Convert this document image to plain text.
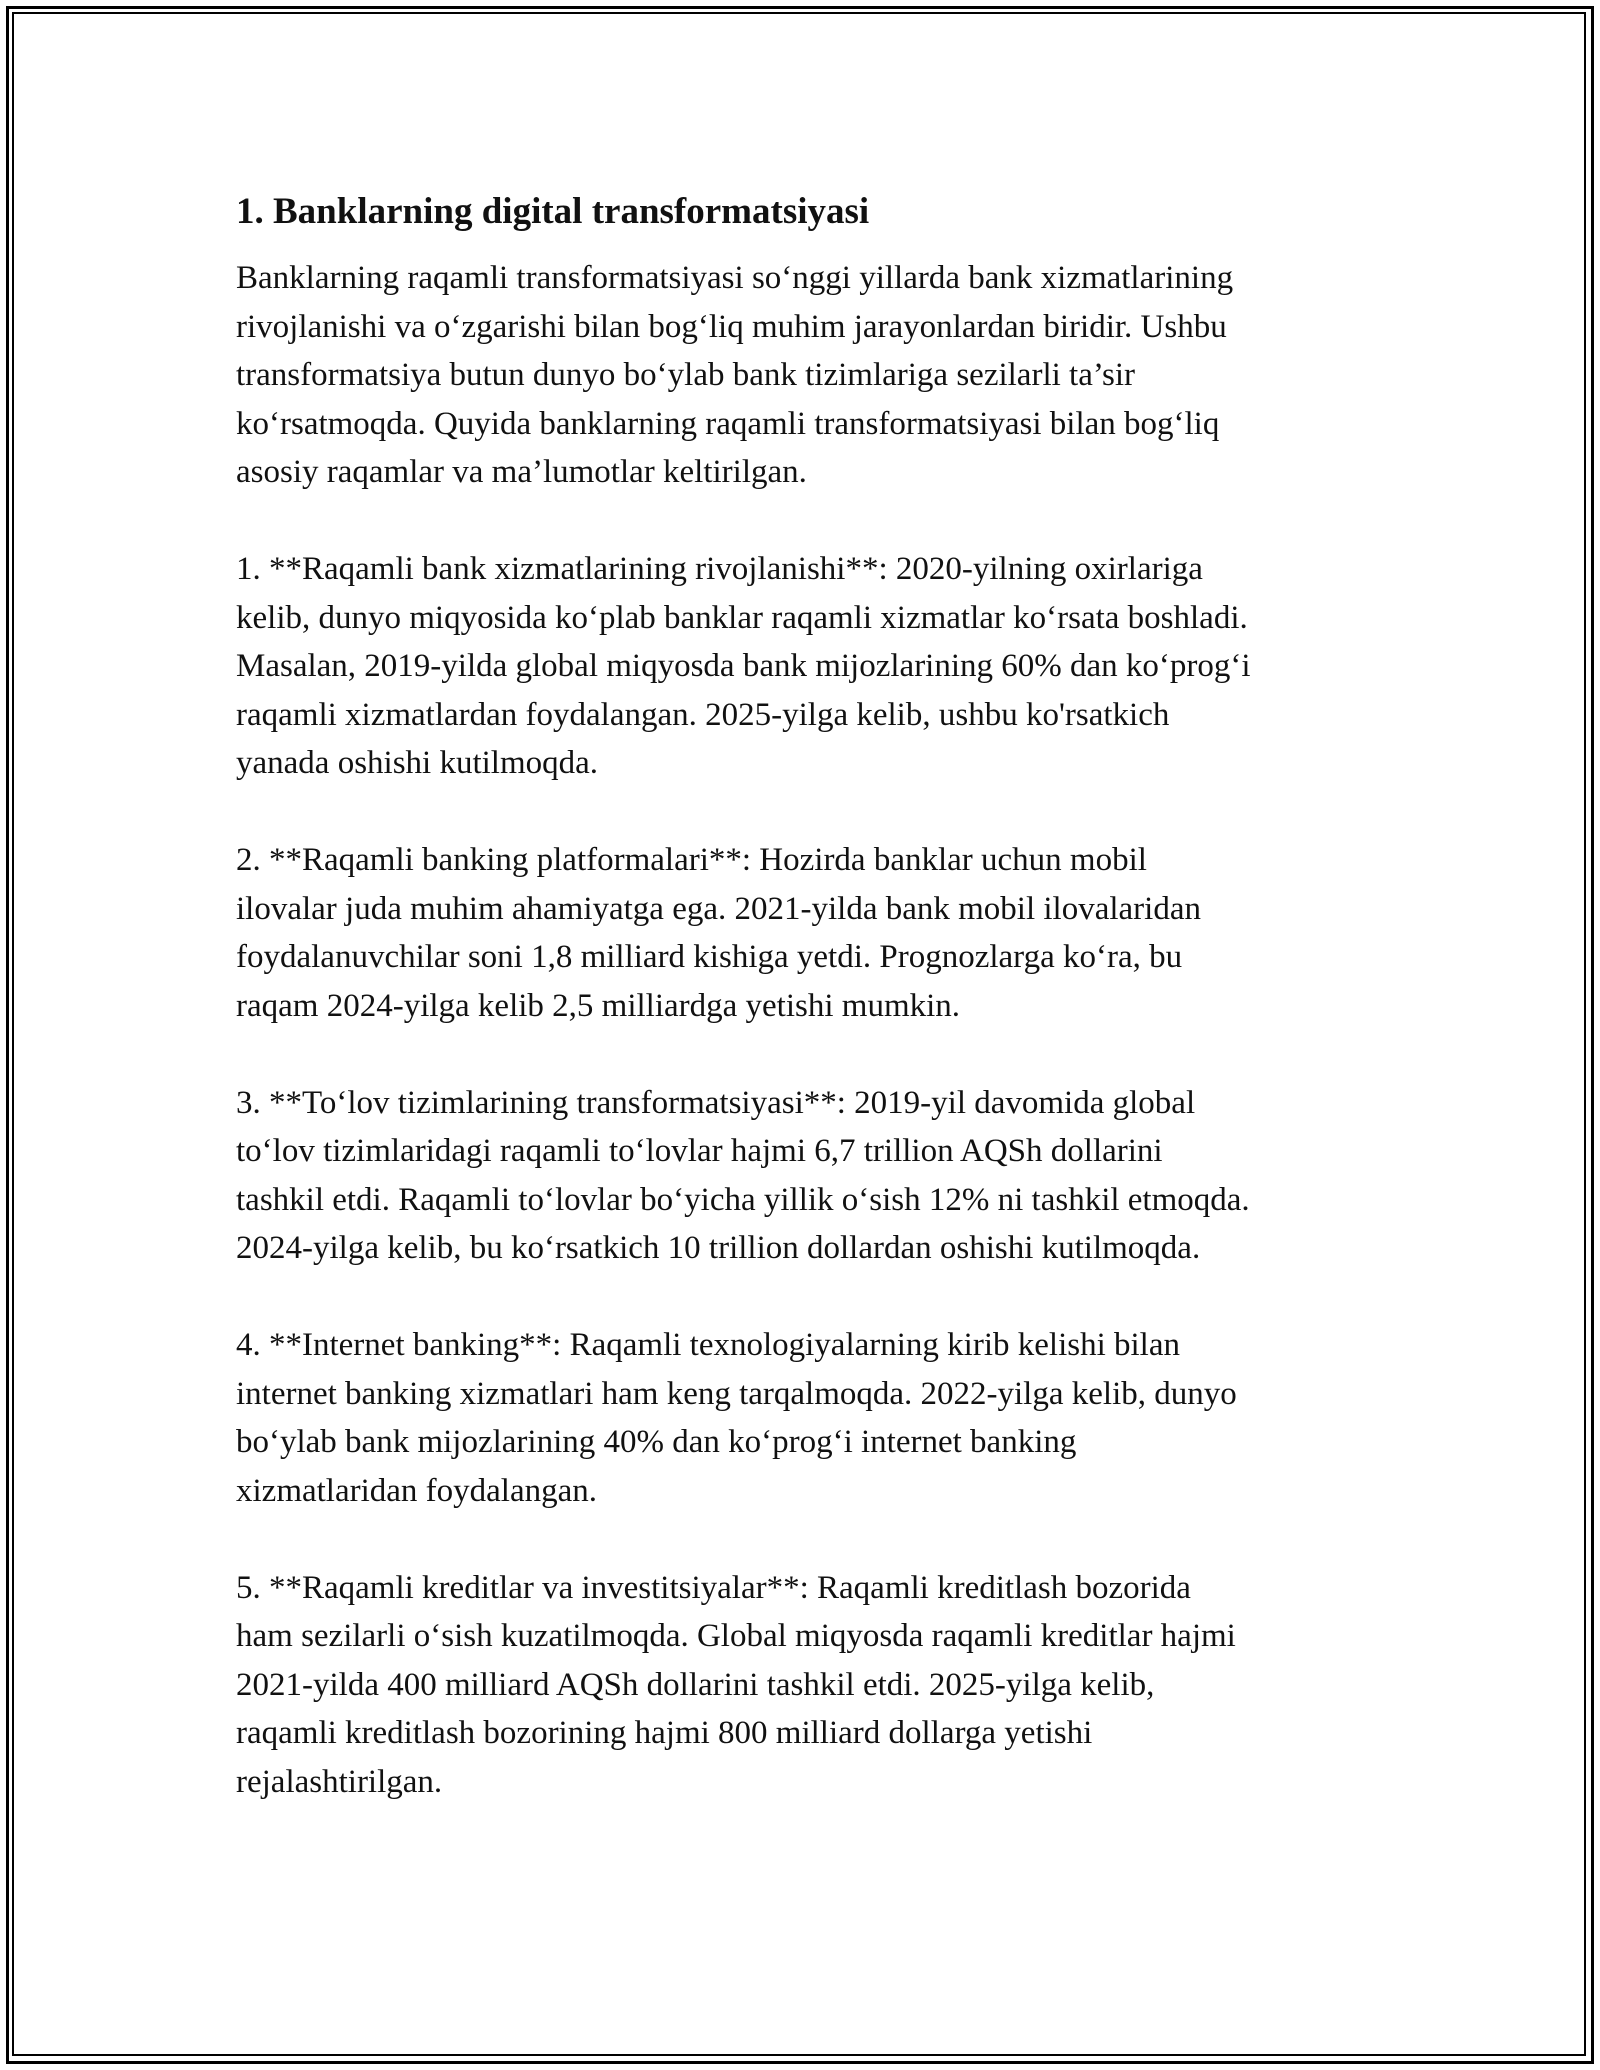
1. Banklarning digital transformatsiyasi

Banklarning raqamli transformatsiyasi so‘nggi yillarda bank xizmatlarining
rivojlanishi va o‘zgarishi bilan bog‘liq muhim jarayonlardan biridir. Ushbu
transformatsiya butun dunyo bo‘ylab bank tizimlariga sezilarli ta’sir
ko‘rsatmoqda. Quyida banklarning raqamli transformatsiyasi bilan bog‘liq
asosiy raqamlar va ma’lumotlar keltirilgan.

1. **Raqamli bank xizmatlarining rivojlanishi**: 2020-yilning oxirlariga
kelib, dunyo miqyosida ko‘plab banklar raqamli xizmatlar ko‘rsata boshladi.
Masalan, 2019-yilda global miqyosda bank mijozlarining 60% dan ko‘prog‘i
raqamli xizmatlardan foydalangan. 2025-yilga kelib, ushbu ko'rsatkich
yanada oshishi kutilmoqda.

2. **Raqamli banking platformalari**: Hozirda banklar uchun mobil
ilovalar juda muhim ahamiyatga ega. 2021-yilda bank mobil ilovalaridan
foydalanuvchilar soni 1,8 milliard kishiga yetdi. Prognozlarga ko‘ra, bu
raqam 2024-yilga kelib 2,5 milliardga yetishi mumkin.

3. **To‘lov tizimlarining transformatsiyasi**: 2019-yil davomida global
to‘lov tizimlaridagi raqamli to‘lovlar hajmi 6,7 trillion AQSh dollarini
tashkil etdi. Raqamli to‘lovlar bo‘yicha yillik o‘sish 12% ni tashkil etmoqda.
2024-yilga kelib, bu ko‘rsatkich 10 trillion dollardan oshishi kutilmoqda.

4. **Internet banking**: Raqamli texnologiyalarning kirib kelishi bilan
internet banking xizmatlari ham keng tarqalmoqda. 2022-yilga kelib, dunyo
bo‘ylab bank mijozlarining 40% dan ko‘prog‘i internet banking
xizmatlaridan foydalangan.

5. **Raqamli kreditlar va investitsiyalar**: Raqamli kreditlash bozorida
ham sezilarli o‘sish kuzatilmoqda. Global miqyosda raqamli kreditlar hajmi
2021-yilda 400 milliard AQSh dollarini tashkil etdi. 2025-yilga kelib,
raqamli kreditlash bozorining hajmi 800 milliard dollarga yetishi
rejalashtirilgan.
